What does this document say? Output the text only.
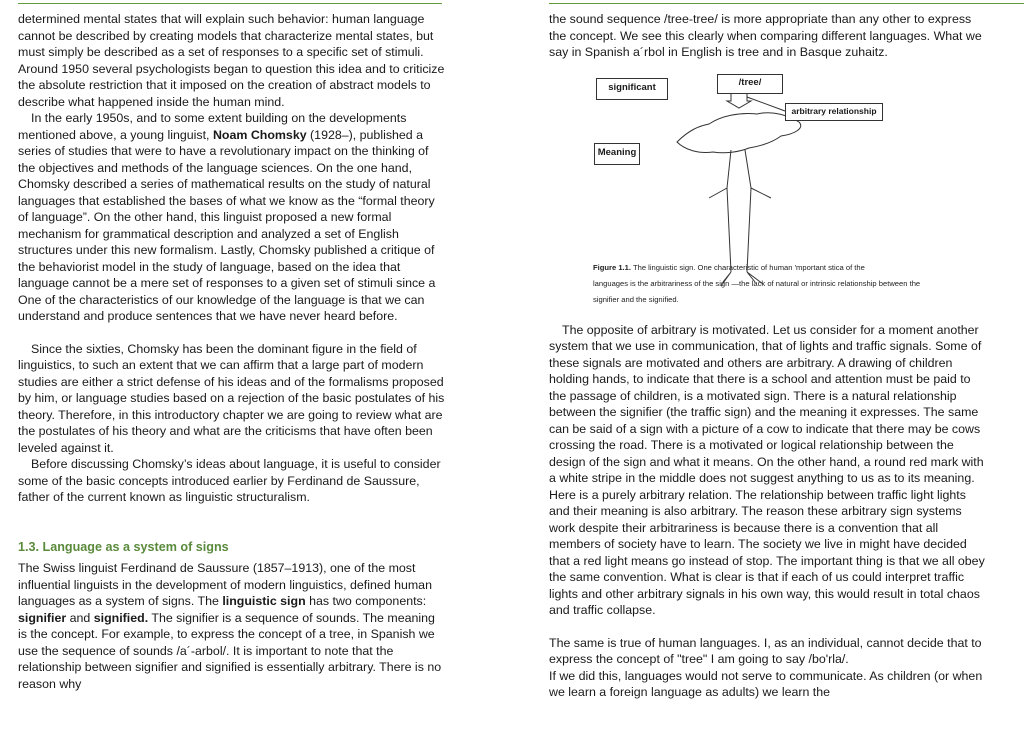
determined mental states that will explain such behavior: human language cannot be described by creating models that characterize mental states, but must simply be described as a set of responses to a specific set of stimuli.

Around 1950 several psychologists began to question this idea and to criticize the absolute restriction that it imposed on the creation of abstract models to describe what happened inside the human mind.

In the early 1950s, and to some extent building on the developments mentioned above, a young linguist, Noam Chomsky (1928–), published a series of studies that were to have a revolutionary impact on the thinking of the objectives and methods of the language sciences. On the one hand, Chomsky described a series of mathematical results on the study of natural languages that established the bases of what we know as the “formal theory of language”. On the other hand, this linguist proposed a new formal mechanism for grammatical description and analyzed a set of English structures under this new formalism. Lastly, Chomsky published a critique of the behaviorist model in the study of language, based on the idea that language cannot be a mere set of responses to a given set of stimuli since a One of the characteristics of our knowledge of the language is that we can understand and produce sentences that we have never heard before.

Since the sixties, Chomsky has been the dominant figure in the field of linguistics, to such an extent that we can affirm that a large part of modern studies are either a strict defense of his ideas and of the formalisms proposed by him, or language studies based on a rejection of the basic postulates of his theory. Therefore, in this introductory chapter we are going to review what are the postulates of his theory and what are the criticisms that have often been leveled against it.

Before discussing Chomsky’s ideas about language, it is useful to consider some of the basic concepts introduced earlier by Ferdinand de Saussure, father of the current known as linguistic structuralism.

1.3. Language as a system of signs

The Swiss linguist Ferdinand de Saussure (1857–1913), one of the most influential linguists in the development of modern linguistics, defined human languages as a system of signs. The linguistic sign has two components: signifier and signified. The signifier is a sequence of sounds. The meaning is the concept. For example, to express the concept of a tree, in Spanish we use the sequence of sounds /a´-arbol/. It is important to note that the relationship between signifier and signified is essentially arbitrary. There is no reason why

the sound sequence /tree-tree/ is more appropriate than any other to express the concept. We see this clearly when comparing different languages. What we say in Spanish a´rbol in English is tree and in Basque zuhaitz.

significant	/tree/
arbitrary relationship
Meaning
Figure 1.1. The linguistic sign. One characteristic of human 'mportant stica of the
languages is the arbitrariness of the sign —the lack of natural or intrinsic relationship between the
signifier and the signified.

The opposite of arbitrary is motivated. Let us consider for a moment another system that we use in communication, that of lights and traffic signals. Some of these signals are motivated and others are arbitrary. A drawing of children holding hands, to indicate that there is a school and attention must be paid to the passage of children, is a motivated sign. There is a natural relationship between the signifier (the traffic sign) and the meaning it expresses. The same can be said of a sign with a picture of a cow to indicate that there may be cows crossing the road. There is a motivated or logical relationship between the design of the sign and what it means. On the other hand, a round red mark with a white stripe in the middle does not suggest anything to us as to its meaning. Here is a purely arbitrary relation. The relationship between traffic light lights and their meaning is also arbitrary. The reason these arbitrary sign systems work despite their arbitrariness is because there is a convention that all members of society have to learn. The society we live in might have decided that a red light means go instead of stop. The important thing is that we all obey the same convention. What is clear is that if each of us could interpret traffic lights and other arbitrary signals in his own way, this would result in total chaos and traffic collapse.

The same is true of human languages. I, as an individual, cannot decide that to express the concept of "tree" I am going to say /bo'rla/.

If we did this, languages would not serve to communicate. As children (or when we learn a foreign language as adults) we learn the
